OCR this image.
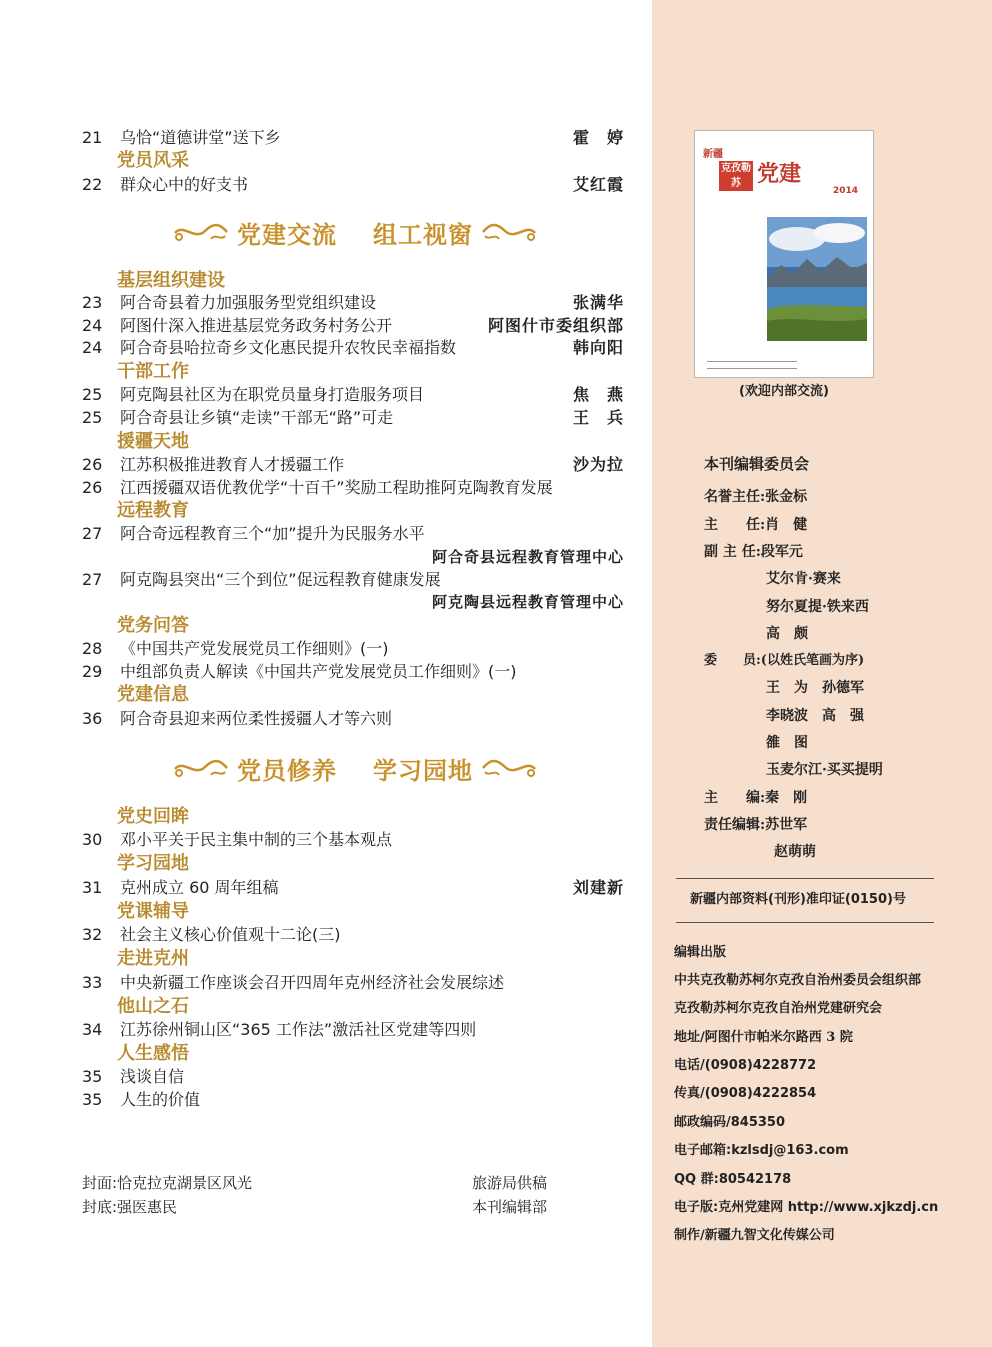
21	乌恰“道德讲堂”送下乡	霍　婷
党员风采
22	群众心中的好支书	艾红霞
党建交流 组工视窗
基层组织建设
23	阿合奇县着力加强服务型党组织建设	张满华
24	阿图什深入推进基层党务政务村务公开	阿图什市委组织部
24	阿合奇县哈拉奇乡文化惠民提升农牧民幸福指数	韩向阳
干部工作
25	阿克陶县社区为在职党员量身打造服务项目	焦　燕
25	阿合奇县让乡镇“走读”干部无“路”可走	王　兵
援疆天地
26	江苏积极推进教育人才援疆工作	沙为拉
26	江西援疆双语优教优学“十百千”奖励工程助推阿克陶教育发展
远程教育
27	阿合奇远程教育三个“加”提升为民服务水平
阿合奇县远程教育管理中心
27	阿克陶县突出“三个到位”促远程教育健康发展
阿克陶县远程教育管理中心
党务问答
28	《中国共产党发展党员工作细则》(一)
29	中组部负责人解读《中国共产党发展党员工作细则》(一)
党建信息
36	阿合奇县迎来两位柔性援疆人才等六则
党员修养 学习园地
党史回眸
30	邓小平关于民主集中制的三个基本观点
学习园地
31	克州成立 60 周年组稿	刘建新
党课辅导
32	社会主义核心价值观十二论(三)
走进克州
33	中央新疆工作座谈会召开四周年克州经济社会发展综述
他山之石
34	江苏徐州铜山区“365 工作法”激活社区党建等四则
人生感悟
35	浅谈自信
35	人生的价值
封面:恰克拉克湖景区风光	旅游局供稿
封底:强医惠民	本刊编辑部
新疆
克孜勒苏 党建
2014
(欢迎内部交流)
本刊编辑委员会
名誉主任:张金标
主　　任:肖　健
副 主 任:段军元
艾尔肯·赛来
努尔夏提·铁来西
高　颇
委　　员:(以姓氏笔画为序)
王　为　孙德军
李晓波　高　强
雒　图
玉麦尔江·买买提明
主　　编:秦　刚
责任编辑:苏世军
赵萌萌
新疆内部资料(刊形)准印证(0150)号
编辑出版
中共克孜勒苏柯尔克孜自治州委员会组织部
克孜勒苏柯尔克孜自治州党建研究会
地址/阿图什市帕米尔路西 3 院
电话/(0908)4228772
传真/(0908)4222854
邮政编码/845350
电子邮箱:kzlsdj@163.com
QQ 群:80542178
电子版:克州党建网 http://www.xjkzdj.cn
制作/新疆九智文化传媒公司
